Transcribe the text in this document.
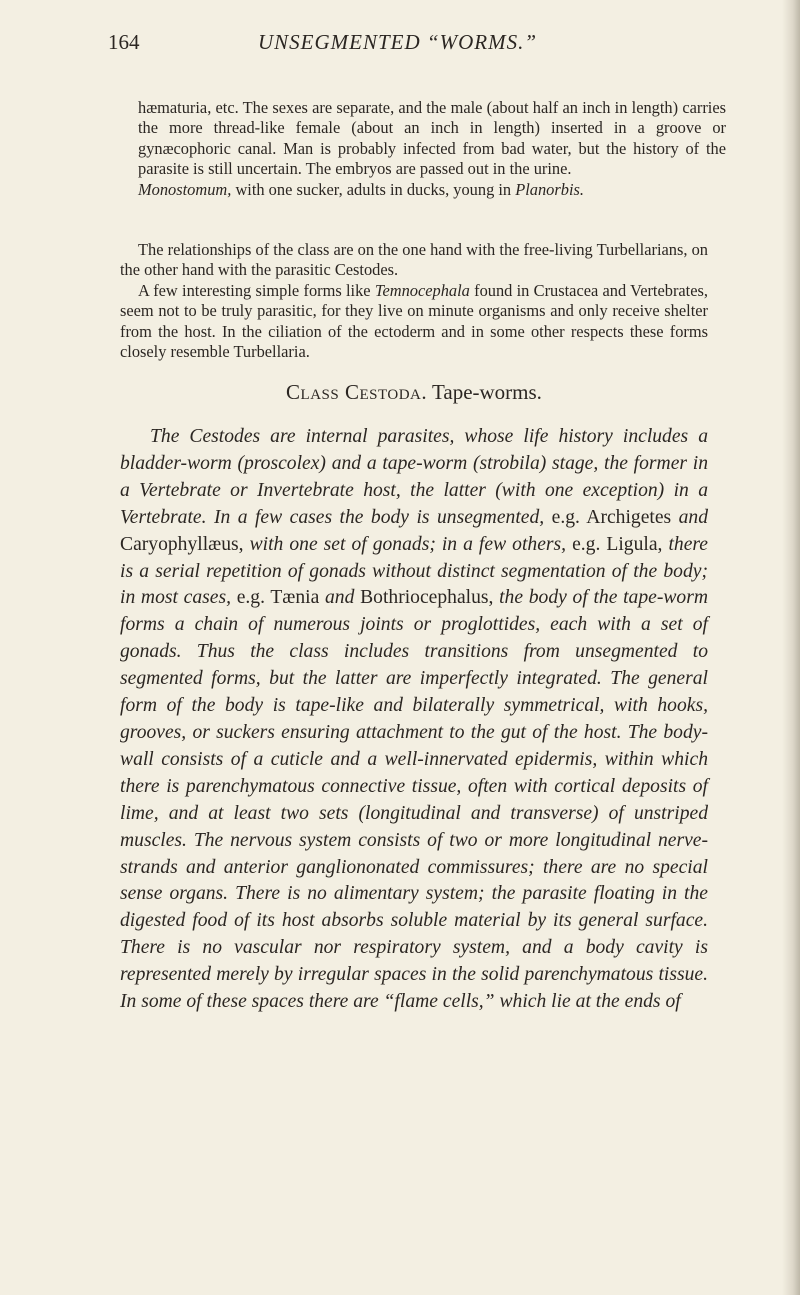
164	UNSEGMENTED “WORMS.”

hæmaturia, etc. The sexes are separate, and the male (about half an inch in length) carries the more thread-like female (about an inch in length) inserted in a groove or gynæcophoric canal. Man is probably infected from bad water, but the history of the parasite is still uncertain. The embryos are passed out in the urine.

Monostomum, with one sucker, adults in ducks, young in Planorbis.

The relationships of the class are on the one hand with the free-living Turbellarians, on the other hand with the parasitic Cestodes.

A few interesting simple forms like Temnocephala found in Crustacea and Vertebrates, seem not to be truly parasitic, for they live on minute organisms and only receive shelter from the host. In the ciliation of the ectoderm and in some other respects these forms closely resemble Turbellaria.

Class Cestoda. Tape-worms.

The Cestodes are internal parasites, whose life history includes a bladder-worm (proscolex) and a tape-worm (strobila) stage, the former in a Vertebrate or Invertebrate host, the latter (with one exception) in a Vertebrate. In a few cases the body is unsegmented, e.g. Archigetes and Caryophyllæus, with one set of gonads; in a few others, e.g. Ligula, there is a serial repetition of gonads without distinct segmentation of the body; in most cases, e.g. Tænia and Bothriocephalus, the body of the tape-worm forms a chain of numerous joints or proglottides, each with a set of gonads. Thus the class includes transitions from unsegmented to segmented forms, but the latter are imperfectly integrated. The general form of the body is tape-like and bilaterally symmetrical, with hooks, grooves, or suckers ensuring attachment to the gut of the host. The body-wall consists of a cuticle and a well-innervated epidermis, within which there is parenchymatous connective tissue, often with cortical deposits of lime, and at least two sets (longitudinal and transverse) of unstriped muscles. The nervous system consists of two or more longitudinal nerve-strands and anterior gangliononated commissures; there are no special sense organs. There is no alimentary system; the parasite floating in the digested food of its host absorbs soluble material by its general surface. There is no vascular nor respiratory system, and a body cavity is represented merely by irregular spaces in the solid parenchymatous tissue. In some of these spaces there are “flame cells,” which lie at the ends of
